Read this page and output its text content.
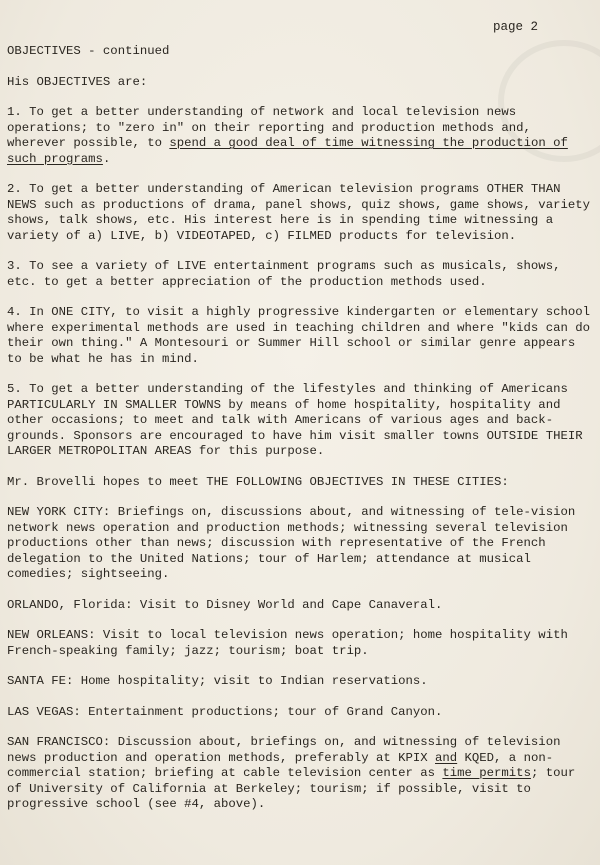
page 2

OBJECTIVES - continued

His OBJECTIVES are:

1. To get a better understanding of network and local television news operations; to "zero in" on their reporting and production methods and, wherever possible, to spend a good deal of time witnessing the production of such programs.

2. To get a better understanding of American television programs OTHER THAN NEWS such as productions of drama, panel shows, quiz shows, game shows, variety shows, talk shows, etc. His interest here is in spending time witnessing a variety of a) LIVE, b) VIDEOTAPED, c) FILMED products for television.

3. To see a variety of LIVE entertainment programs such as musicals, shows, etc. to get a better appreciation of the production methods used.

4. In ONE CITY, to visit a highly progressive kindergarten or elementary school where experimental methods are used in teaching children and where "kids can do their own thing." A Montesouri or Summer Hill school or similar genre appears to be what he has in mind.

5. To get a better understanding of the lifestyles and thinking of Americans PARTICULARLY IN SMALLER TOWNS by means of home hospitality, hospitality and other occasions; to meet and talk with Americans of various ages and back-grounds. Sponsors are encouraged to have him visit smaller towns OUTSIDE THEIR LARGER METROPOLITAN AREAS for this purpose.

Mr. Brovelli hopes to meet THE FOLLOWING OBJECTIVES IN THESE CITIES:

NEW YORK CITY: Briefings on, discussions about, and witnessing of tele-vision network news operation and production methods; witnessing several television productions other than news; discussion with representative of the French delegation to the United Nations; tour of Harlem; attendance at musical comedies; sightseeing.

ORLANDO, Florida: Visit to Disney World and Cape Canaveral.

NEW ORLEANS: Visit to local television news operation; home hospitality with French-speaking family; jazz; tourism; boat trip.

SANTA FE: Home hospitality; visit to Indian reservations.

LAS VEGAS: Entertainment productions; tour of Grand Canyon.

SAN FRANCISCO: Discussion about, briefings on, and witnessing of television news production and operation methods, preferably at KPIX and KQED, a non-commercial station; briefing at cable television center as time permits; tour of University of California at Berkeley; tourism; if possible, visit to progressive school (see #4, above).
